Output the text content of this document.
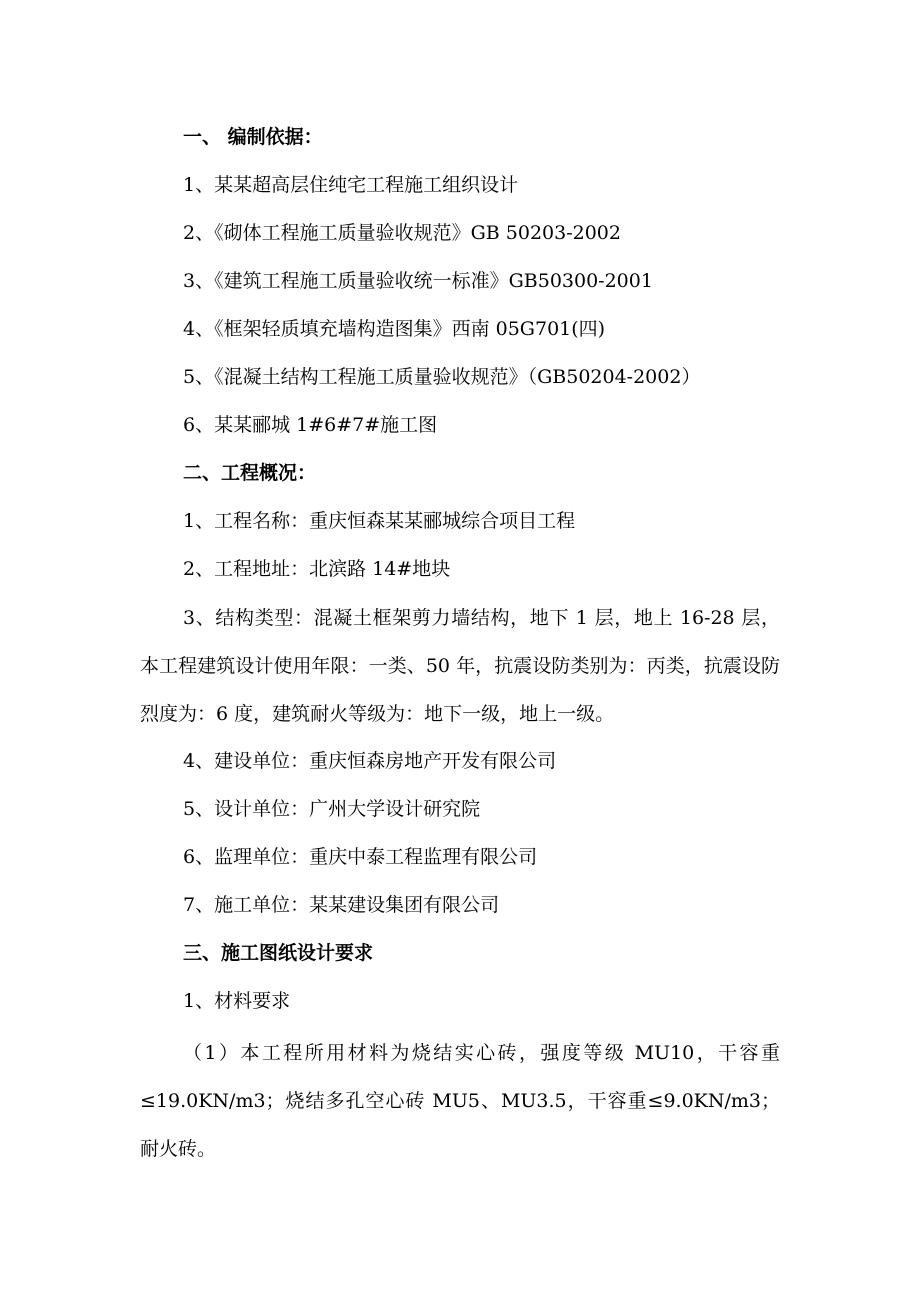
一、 编制依据：
1、某某超高层住纯宅工程施工组织设计
2、《砌体工程施工质量验收规范》GB 50203-2002
3、《建筑工程施工质量验收统一标准》GB50300-2001
4、《框架轻质填充墙构造图集》西南 05G701(四)
5、《混凝土结构工程施工质量验收规范》（GB50204-2002）
6、某某郦城 1#6#7#施工图
二、工程概况：
1、工程名称：重庆恒森某某郦城综合项目工程
2、工程地址：北滨路 14#地块
3、结构类型：混凝土框架剪力墙结构，地下 1 层，地上 16-28 层，本工程建筑设计使用年限：一类、50 年，抗震设防类别为：丙类，抗震设防烈度为：6 度，建筑耐火等级为：地下一级，地上一级。
4、建设单位：重庆恒森房地产开发有限公司
5、设计单位：广州大学设计研究院
6、监理单位：重庆中泰工程监理有限公司
7、施工单位：某某建设集团有限公司
三、施工图纸设计要求
1、材料要求
（1）本工程所用材料为烧结实心砖，强度等级 MU10，干容重≤19.0KN/m3；烧结多孔空心砖 MU5、MU3.5，干容重≤9.0KN/m3；耐火砖。
